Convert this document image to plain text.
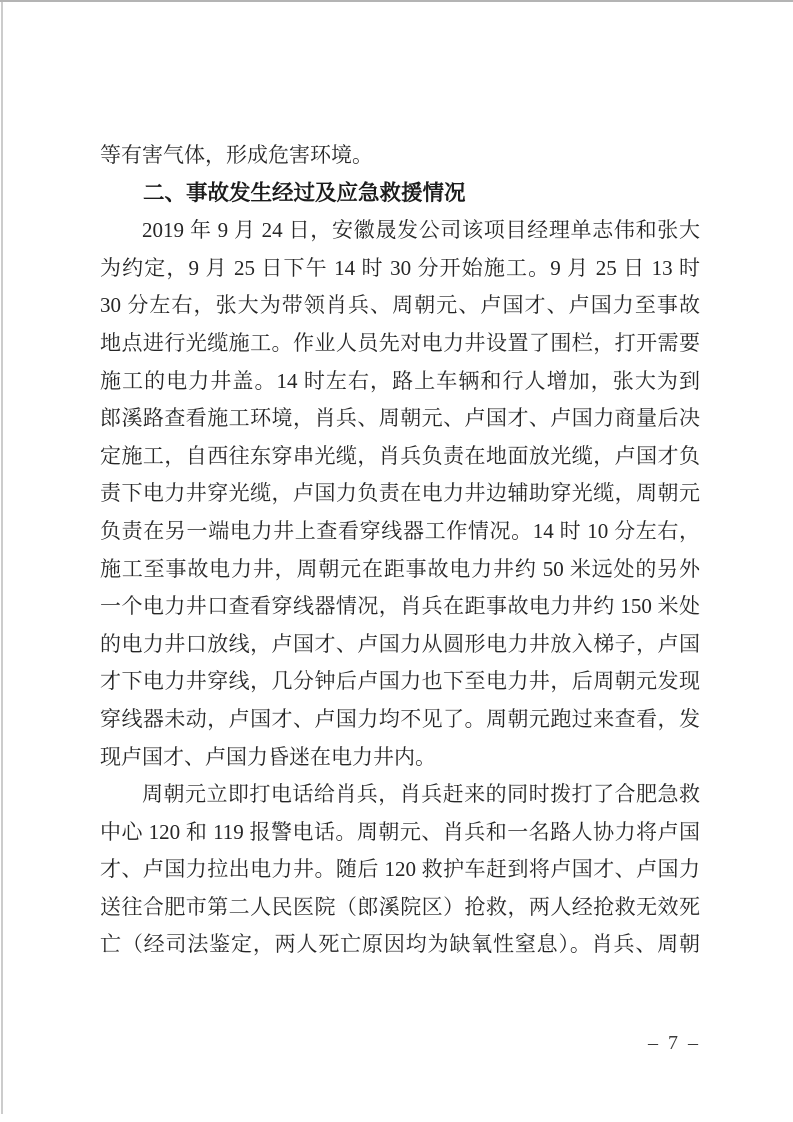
等有害气体，形成危害环境。
二、事故发生经过及应急救援情况
2019 年 9 月 24 日，安徽晟发公司该项目经理单志伟和张大
为约定，9 月 25 日下午 14 时 30 分开始施工。9 月 25 日 13 时
30 分左右，张大为带领肖兵、周朝元、卢国才、卢国力至事故
地点进行光缆施工。作业人员先对电力井设置了围栏，打开需要
施工的电力井盖。14 时左右，路上车辆和行人增加，张大为到
郎溪路查看施工环境，肖兵、周朝元、卢国才、卢国力商量后决
定施工，自西往东穿串光缆，肖兵负责在地面放光缆，卢国才负
责下电力井穿光缆，卢国力负责在电力井边辅助穿光缆，周朝元
负责在另一端电力井上查看穿线器工作情况。14 时 10 分左右，
施工至事故电力井，周朝元在距事故电力井约 50 米远处的另外
一个电力井口查看穿线器情况，肖兵在距事故电力井约 150 米处
的电力井口放线，卢国才、卢国力从圆形电力井放入梯子，卢国
才下电力井穿线，几分钟后卢国力也下至电力井，后周朝元发现
穿线器未动，卢国才、卢国力均不见了。周朝元跑过来查看，发
现卢国才、卢国力昏迷在电力井内。
周朝元立即打电话给肖兵，肖兵赶来的同时拨打了合肥急救
中心 120 和 119 报警电话。周朝元、肖兵和一名路人协力将卢国
才、卢国力拉出电力井。随后 120 救护车赶到将卢国才、卢国力
送往合肥市第二人民医院（郎溪院区）抢救，两人经抢救无效死
亡（经司法鉴定，两人死亡原因均为缺氧性窒息）。肖兵、周朝
– 7 –
